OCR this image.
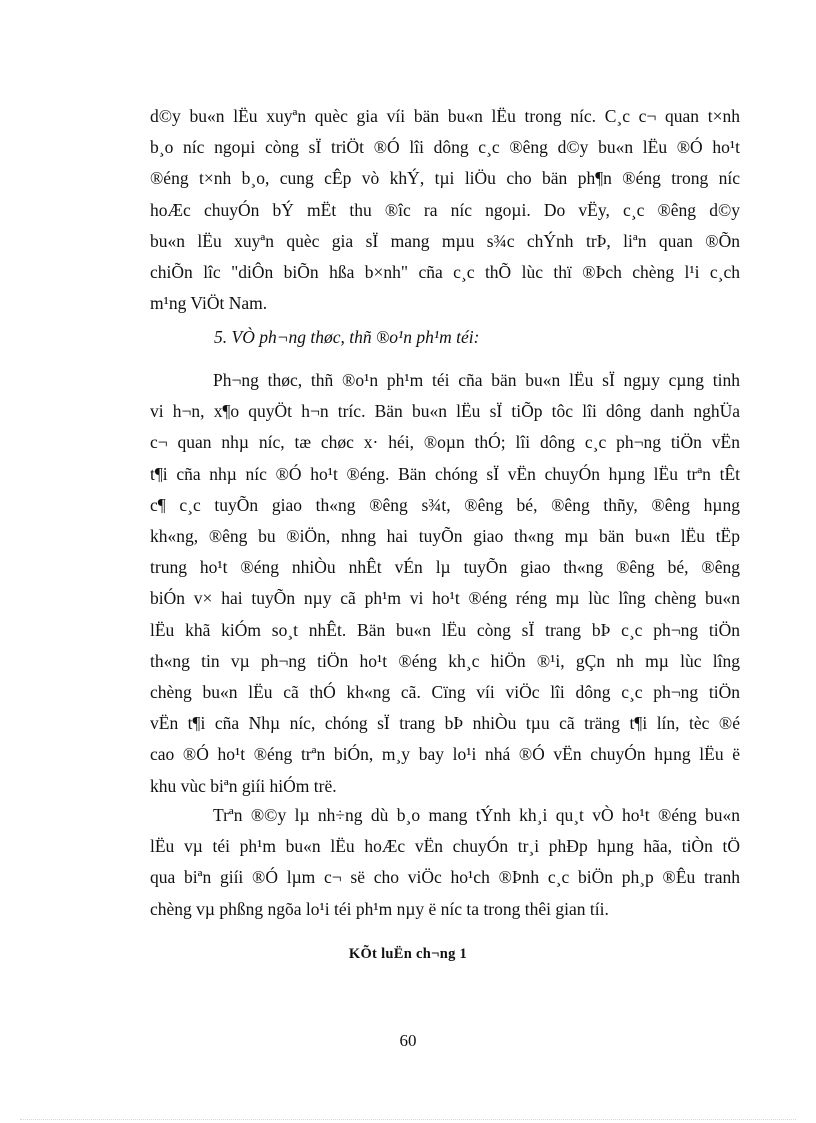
d©y bu«n lËu xuyªn quèc gia víi bän bu«n lËu trong níc. C¸c c¬ quan t×nh
b¸o níc ngoµi còng sÏ triÖt ®Ó lîi dông c¸c ®êng d©y bu«n lËu ®Ó ho¹t
®éng t×nh b¸o, cung cÊp vò khÝ, tµi liÖu cho bän ph¶n ®éng trong níc
hoÆc chuyÓn bÝ mËt thu ®îc ra níc ngoµi. Do vËy, c¸c ®êng d©y
bu«n lËu xuyªn quèc gia sÏ mang mµu s¾c chÝnh trÞ, liªn quan ®Õn
chiÕn lîc "diÔn biÕn hßa b×nh" cña c¸c thÕ lùc thï ®Þch chèng l¹i c¸ch
m¹ng ViÖt Nam.

5. VÒ ph¬ng thøc, thñ ®o¹n ph¹m téi:

Ph¬ng thøc, thñ ®o¹n ph¹m téi cña bän bu«n lËu sÏ ngµy cµng tinh
vi h¬n, x¶o quyÖt h¬n tríc. Bän bu«n lËu sÏ tiÕp tôc lîi dông danh nghÜa
c¬ quan nhµ níc, tæ chøc x· héi, ®oµn thÓ; lîi dông c¸c ph¬ng tiÖn vËn
t¶i cña nhµ níc ®Ó ho¹t ®éng. Bän chóng sÏ vËn chuyÓn hµng lËu trªn tÊt
c¶ c¸c tuyÕn giao th«ng ®êng s¾t, ®êng bé, ®êng thñy, ®êng hµng
kh«ng, ®êng bu ®iÖn, nhng hai tuyÕn giao th«ng mµ bän bu«n lËu tËp
trung ho¹t ®éng nhiÒu nhÊt vÉn lµ tuyÕn giao th«ng ®êng bé, ®êng
biÓn v× hai tuyÕn nµy cã ph¹m vi ho¹t ®éng réng mµ lùc lîng chèng bu«n
lËu khã kiÓm so¸t nhÊt. Bän bu«n lËu còng sÏ trang bÞ c¸c ph¬ng tiÖn
th«ng tin vµ ph¬ng tiÖn ho¹t ®éng kh¸c hiÖn ®¹i, gÇn nh mµ lùc lîng
chèng bu«n lËu cã thÓ kh«ng cã. Cïng víi viÖc lîi dông c¸c ph¬ng tiÖn
vËn t¶i cña Nhµ níc, chóng sÏ trang bÞ nhiÒu tµu cã träng t¶i lín, tèc ®é
cao ®Ó ho¹t ®éng trªn biÓn, m¸y bay lo¹i nhá ®Ó vËn chuyÓn hµng lËu ë
khu vùc biªn giíi hiÓm trë.
Trªn ®©y lµ nh÷ng dù b¸o mang tÝnh kh¸i qu¸t vÒ ho¹t ®éng bu«n
lËu vµ téi ph¹m bu«n lËu hoÆc vËn chuyÓn tr¸i phÐp hµng hãa, tiÒn tÖ
qua biªn giíi ®Ó lµm c¬ së cho viÖc ho¹ch ®Þnh c¸c biÖn ph¸p ®Êu tranh
chèng vµ phßng ngõa lo¹i téi ph¹m nµy ë níc ta trong thêi gian tíi.

KÕt luËn ch¬ng 1

60
